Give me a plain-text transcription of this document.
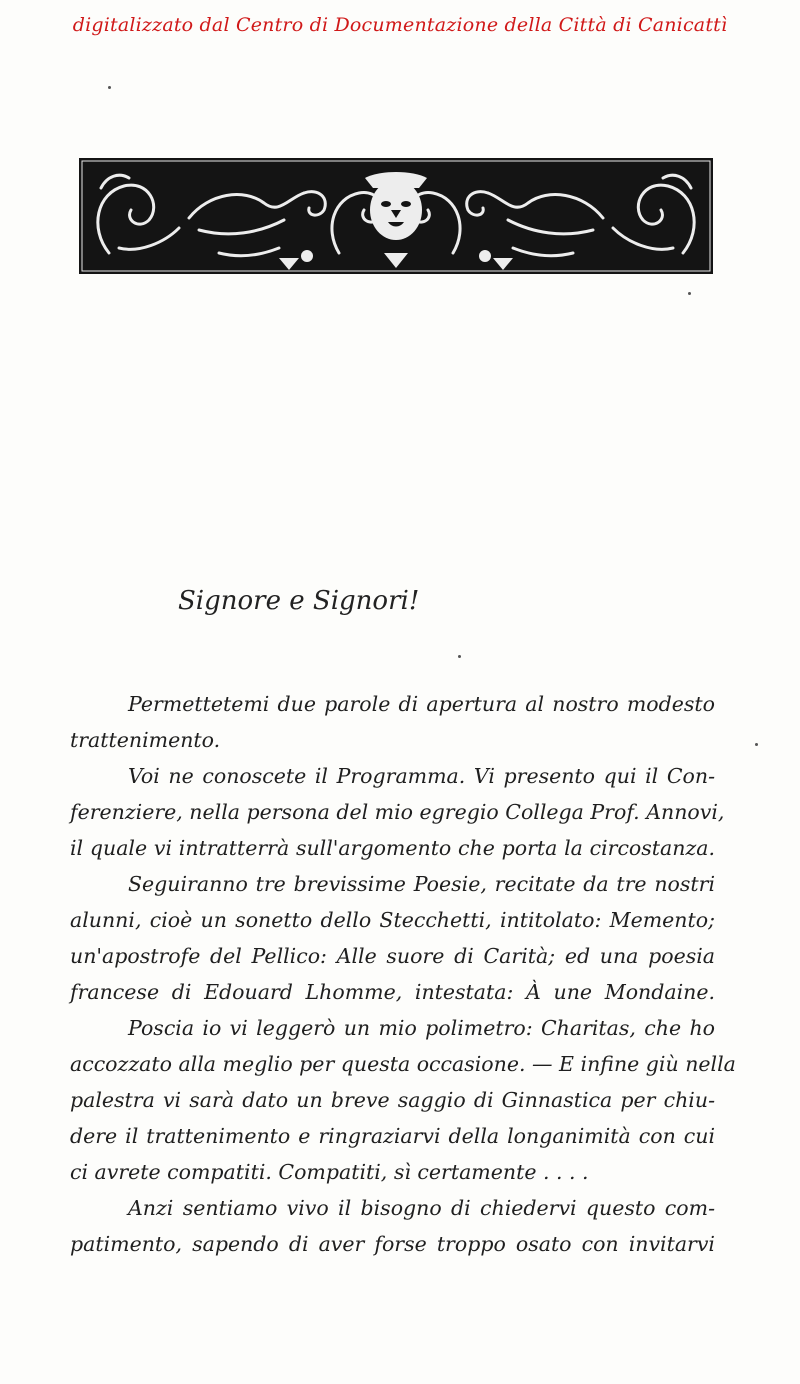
digitalizzato dal Centro di Documentazione della Città di Canicattì
Signore e Signori!
Permettetemi due parole di apertura al nostro modesto
trattenimento.
Voi ne conoscete il Programma. Vi presento qui il Con-
ferenziere, nella persona del mio egregio Collega Prof. Annovi,
il quale vi intratterrà sull'argomento che porta la circostanza.
Seguiranno tre brevissime Poesie, recitate da tre nostri
alunni, cioè un sonetto dello Stecchetti, intitolato: Memento;
un'apostrofe del Pellico: Alle suore di Carità; ed una poesia
francese di Edouard Lhomme, intestata: À une Mondaine.
Poscia io vi leggerò un mio polimetro: Charitas, che ho
accozzato alla meglio per questa occasione. — E infine giù nella
palestra vi sarà dato un breve saggio di Ginnastica per chiu-
dere il trattenimento e ringraziarvi della longanimità con cui
ci avrete compatiti. Compatiti, sì certamente . . . .
Anzi sentiamo vivo il bisogno di chiedervi questo com-
patimento, sapendo di aver forse troppo osato con invitarvi
